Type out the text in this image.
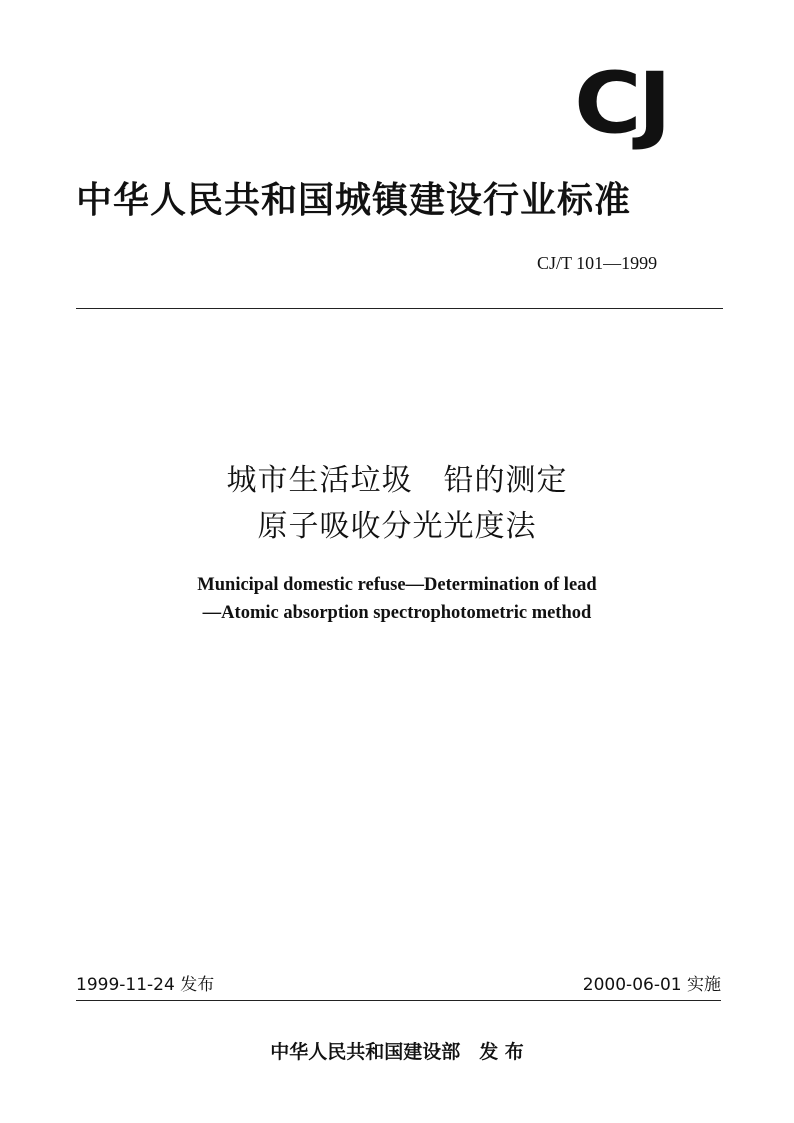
CJ
中华人民共和国城镇建设行业标准
CJ/T 101—1999
城市生活垃圾　铅的测定
原子吸收分光光度法
Municipal domestic refuse—Determination of lead
—Atomic absorption spectrophotometric method
1999-11-24 发布	2000-06-01 实施
中华人民共和国建设部　发 布
